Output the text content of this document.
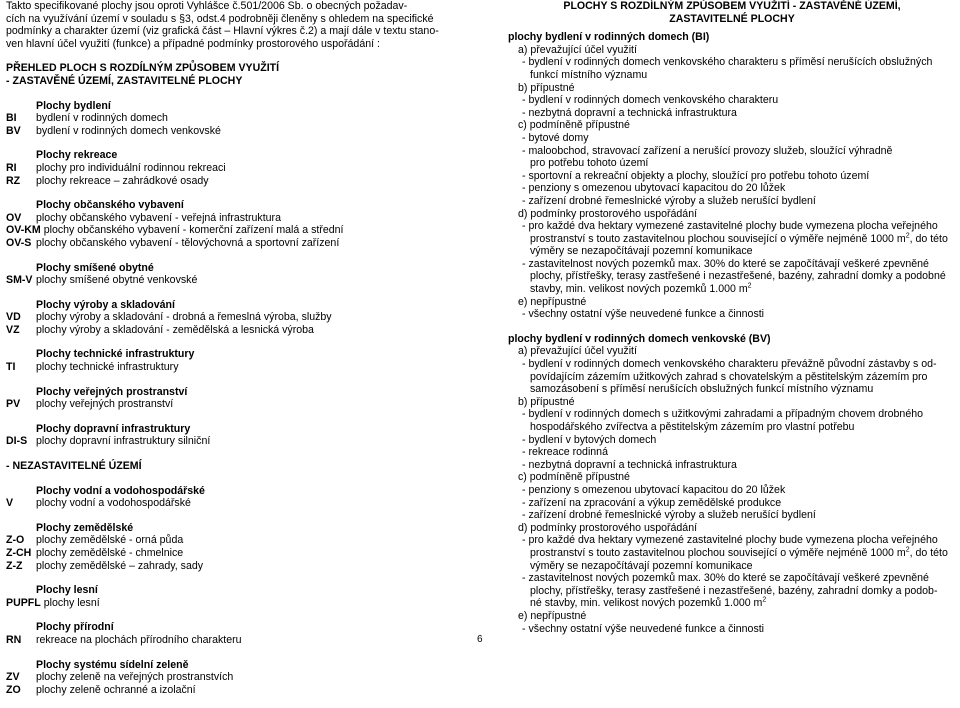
Takto specifikované plochy jsou oproti Vyhlášce č.501/2006 Sb. o obecných požadav-

cích na využívání území v souladu s §3, odst.4 podrobněji členěny s ohledem na specifické

podmínky a charakter území (viz grafická část – Hlavní výkres č.2) a mají dále v textu stano-

ven hlavní účel využití (funkce) a případné podmínky prostorového uspořádání :

PŘEHLED PLOCH S ROZDÍLNÝM ZPŮSOBEM VYUŽITÍ

- ZASTAVĚNÉ ÚZEMÍ, ZASTAVITELNÉ PLOCHY

Plochy bydlení
BI	bydlení v rodinných domech
BV	bydlení v rodinných domech venkovské
Plochy rekreace
RI	plochy pro individuální rodinnou rekreaci
RZ	plochy rekreace – zahrádkové osady
Plochy občanského vybavení
OV	plochy občanského vybavení - veřejná infrastruktura
OV-KM plochy občanského vybavení - komerční zařízení malá a střední
OV-S plochy občanského vybavení - tělovýchovná a sportovní zařízení
Plochy smíšené obytné
SM-V plochy smíšené obytné venkovské
Plochy výroby a skladování
VD	plochy výroby a skladování - drobná a řemeslná výroba, služby
VZ	plochy výroby a skladování - zemědělská a lesnická výroba
Plochy technické infrastruktury
TI	plochy technické infrastruktury
Plochy veřejných prostranství
PV	plochy veřejných prostranství
Plochy dopravní infrastruktury
DI-S plochy dopravní infrastruktury silniční

- NEZASTAVITELNÉ ÚZEMÍ

Plochy vodní a vodohospodářské
V	plochy vodní a vodohospodářské
Plochy zemědělské
Z-O	plochy zemědělské - orná půda
Z-CH plochy zemědělské - chmelnice
Z-Z	plochy zemědělské – zahrady, sady
Plochy lesní
PUPFL plochy lesní
Plochy přírodní
RN	rekreace na plochách přírodního charakteru
Plochy systému sídelní zeleně
ZV	plochy zeleně na veřejných prostranstvích
ZO	plochy zeleně ochranné a izolační

PLOCHY S ROZDÍLNÝM ZPŮSOBEM VYUŽITÍ - ZASTAVĚNÉ ÚZEMÍ,

ZASTAVITELNÉ PLOCHY

plochy bydlení v rodinných domech (BI)

a) převažující účel využití

- bydlení v rodinných domech venkovského charakteru s příměsí nerušících obslužných

funkcí místního významu

b) přípustné

- bydlení v rodinných domech venkovského charakteru

- nezbytná dopravní a technická infrastruktura

c) podmíněně přípustné

- bytové domy

- maloobchod, stravovací zařízení a nerušící provozy služeb, sloužící výhradně

pro potřebu tohoto území

- sportovní a rekreační objekty a plochy, sloužící pro potřebu tohoto území

- penziony s omezenou ubytovací kapacitou do 20 lůžek

- zařízení drobné řemeslnické výroby a služeb nerušící bydlení

d) podmínky prostorového uspořádání

- pro každé dva hektary vymezené zastavitelné plochy bude vymezena plocha veřejného

prostranství s touto zastavitelnou plochou související o výměře nejméně 1000 $m^2$, do této

výměry se nezapočítávají pozemní komunikace

- zastavitelnost nových pozemků max. 30% do které se započítávají veškeré zpevněné

plochy, přístřešky, terasy zastřešené i nezastřešené, bazény, zahradní domky a podobné

stavby, min. velikost nových pozemků 1.000 $m^2$

e) nepřípustné

- všechny ostatní výše neuvedené funkce a činnosti

plochy bydlení v rodinných domech venkovské (BV)

a) převažující účel využití

- bydlení v rodinných domech venkovského charakteru převážně původní zástavby s od-

povídajícím zázemím užitkových zahrad s chovatelským a pěstitelským zázemím pro

samozásobení s příměsí nerušících obslužných funkcí místního významu

b) přípustné

- bydlení v rodinných domech s užitkovými zahradami a případným chovem drobného

hospodářského zvířectva a pěstitelským zázemím pro vlastní potřebu

- bydlení v bytových domech

- rekreace rodinná

- nezbytná dopravní a technická infrastruktura

c) podmíněně přípustné

- penziony s omezenou ubytovací kapacitou do 20 lůžek

- zařízení na zpracování a výkup zemědělské produkce

- zařízení drobné řemeslnické výroby a služeb nerušící bydlení

d) podmínky prostorového uspořádání

- pro každé dva hektary vymezené zastavitelné plochy bude vymezena plocha veřejného

prostranství s touto zastavitelnou plochou související o výměře nejméně 1000 $m^2$, do této

výměry se nezapočítávají pozemní komunikace

- zastavitelnost nových pozemků max. 30% do které se započítávají veškeré zpevněné

plochy, přístřešky, terasy zastřešené i nezastřešené, bazény, zahradní domky a podob-

né stavby, min. velikost nových pozemků 1.000 $m^2$

e) nepřípustné

- všechny ostatní výše neuvedené funkce a činnosti

6
